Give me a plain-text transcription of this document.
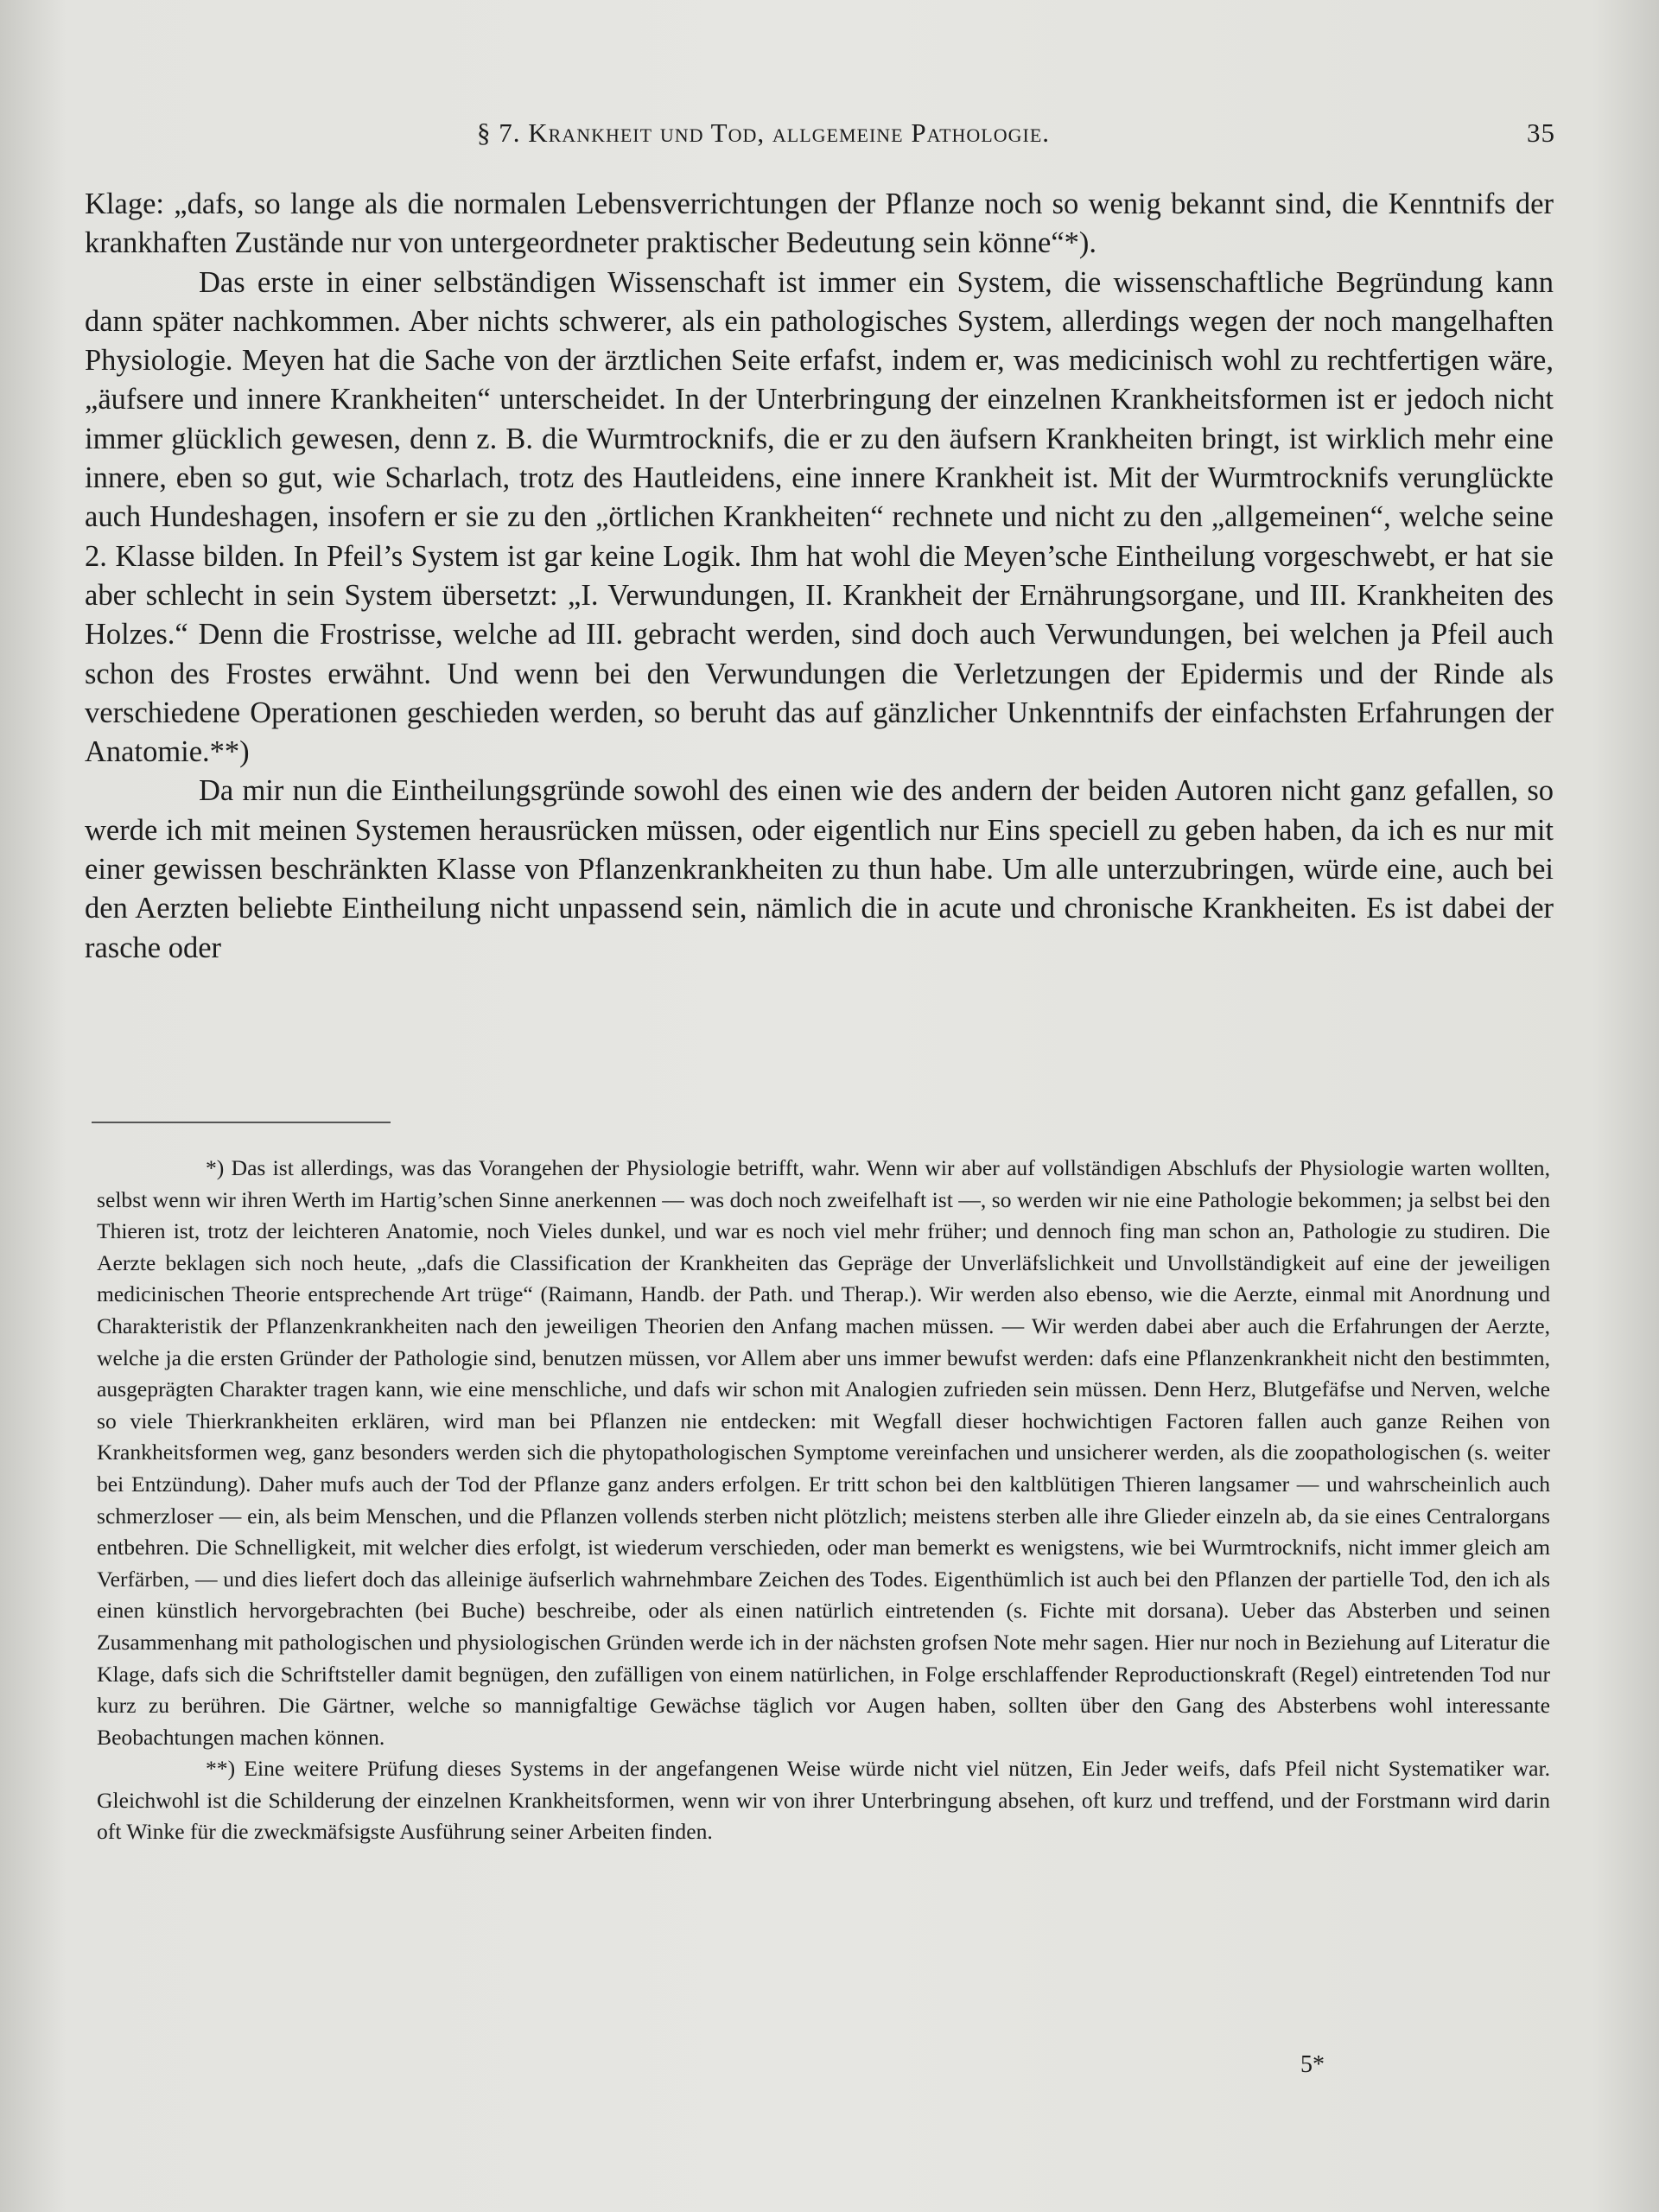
§ 7. Krankheit und Tod, allgemeine Pathologie.	35

Klage: „dafs, so lange als die normalen Lebensverrichtungen der Pflanze noch so wenig bekannt sind, die Kenntnifs der krankhaften Zustände nur von untergeordneter praktischer Bedeutung sein könne“*).

Das erste in einer selbständigen Wissenschaft ist immer ein System, die wissenschaftliche Begründung kann dann später nachkommen. Aber nichts schwerer, als ein pathologisches System, allerdings wegen der noch mangelhaften Physiologie. Meyen hat die Sache von der ärztlichen Seite erfafst, indem er, was medicinisch wohl zu rechtfertigen wäre, „äufsere und innere Krankheiten“ unterscheidet. In der Unterbringung der einzelnen Krankheitsformen ist er jedoch nicht immer glücklich gewesen, denn z. B. die Wurmtrocknifs, die er zu den äufsern Krankheiten bringt, ist wirklich mehr eine innere, eben so gut, wie Scharlach, trotz des Hautleidens, eine innere Krankheit ist. Mit der Wurmtrocknifs verunglückte auch Hundeshagen, insofern er sie zu den „örtlichen Krankheiten“ rechnete und nicht zu den „allgemeinen“, welche seine 2. Klasse bilden. In Pfeil’s System ist gar keine Logik. Ihm hat wohl die Meyen’sche Eintheilung vorgeschwebt, er hat sie aber schlecht in sein System übersetzt: „I. Verwundungen, II. Krankheit der Ernährungsorgane, und III. Krankheiten des Holzes.“ Denn die Frostrisse, welche ad III. gebracht werden, sind doch auch Verwundungen, bei welchen ja Pfeil auch schon des Frostes erwähnt. Und wenn bei den Verwundungen die Verletzungen der Epidermis und der Rinde als verschiedene Operationen geschieden werden, so beruht das auf gänzlicher Unkenntnifs der einfachsten Erfahrungen der Anatomie.**)

Da mir nun die Eintheilungsgründe sowohl des einen wie des andern der beiden Autoren nicht ganz gefallen, so werde ich mit meinen Systemen herausrücken müssen, oder eigentlich nur Eins speciell zu geben haben, da ich es nur mit einer gewissen beschränkten Klasse von Pflanzenkrankheiten zu thun habe. Um alle unterzubringen, würde eine, auch bei den Aerzten beliebte Eintheilung nicht unpassend sein, nämlich die in acute und chronische Krankheiten. Es ist dabei der rasche oder

*) Das ist allerdings, was das Vorangehen der Physiologie betrifft, wahr. Wenn wir aber auf vollständigen Abschlufs der Physiologie warten wollten, selbst wenn wir ihren Werth im Hartig’schen Sinne anerkennen — was doch noch zweifelhaft ist —, so werden wir nie eine Pathologie bekommen; ja selbst bei den Thieren ist, trotz der leichteren Anatomie, noch Vieles dunkel, und war es noch viel mehr früher; und dennoch fing man schon an, Pathologie zu studiren. Die Aerzte beklagen sich noch heute, „dafs die Classification der Krankheiten das Gepräge der Unverläfslichkeit und Unvollständigkeit auf eine der jeweiligen medicinischen Theorie entsprechende Art trüge“ (Raimann, Handb. der Path. und Therap.). Wir werden also ebenso, wie die Aerzte, einmal mit Anordnung und Charakteristik der Pflanzenkrankheiten nach den jeweiligen Theorien den Anfang machen müssen. — Wir werden dabei aber auch die Erfahrungen der Aerzte, welche ja die ersten Gründer der Pathologie sind, benutzen müssen, vor Allem aber uns immer bewufst werden: dafs eine Pflanzenkrankheit nicht den bestimmten, ausgeprägten Charakter tragen kann, wie eine menschliche, und dafs wir schon mit Analogien zufrieden sein müssen. Denn Herz, Blutgefäfse und Nerven, welche so viele Thierkrankheiten erklären, wird man bei Pflanzen nie entdecken: mit Wegfall dieser hochwichtigen Factoren fallen auch ganze Reihen von Krankheitsformen weg, ganz besonders werden sich die phytopathologischen Symptome vereinfachen und unsicherer werden, als die zoopathologischen (s. weiter bei Entzündung). Daher mufs auch der Tod der Pflanze ganz anders erfolgen. Er tritt schon bei den kaltblütigen Thieren langsamer — und wahrscheinlich auch schmerzloser — ein, als beim Menschen, und die Pflanzen vollends sterben nicht plötzlich; meistens sterben alle ihre Glieder einzeln ab, da sie eines Centralorgans entbehren. Die Schnelligkeit, mit welcher dies erfolgt, ist wiederum verschieden, oder man bemerkt es wenigstens, wie bei Wurmtrocknifs, nicht immer gleich am Verfärben, — und dies liefert doch das alleinige äufserlich wahrnehmbare Zeichen des Todes. Eigenthümlich ist auch bei den Pflanzen der partielle Tod, den ich als einen künstlich hervorgebrachten (bei Buche) beschreibe, oder als einen natürlich eintretenden (s. Fichte mit dorsana). Ueber das Absterben und seinen Zusammenhang mit pathologischen und physiologischen Gründen werde ich in der nächsten grofsen Note mehr sagen. Hier nur noch in Beziehung auf Literatur die Klage, dafs sich die Schriftsteller damit begnügen, den zufälligen von einem natürlichen, in Folge erschlaffender Reproductionskraft (Regel) eintretenden Tod nur kurz zu berühren. Die Gärtner, welche so mannigfaltige Gewächse täglich vor Augen haben, sollten über den Gang des Absterbens wohl interessante Beobachtungen machen können.

**) Eine weitere Prüfung dieses Systems in der angefangenen Weise würde nicht viel nützen, Ein Jeder weifs, dafs Pfeil nicht Systematiker war. Gleichwohl ist die Schilderung der einzelnen Krankheitsformen, wenn wir von ihrer Unterbringung absehen, oft kurz und treffend, und der Forstmann wird darin oft Winke für die zweckmäfsigste Ausführung seiner Arbeiten finden.

5*
